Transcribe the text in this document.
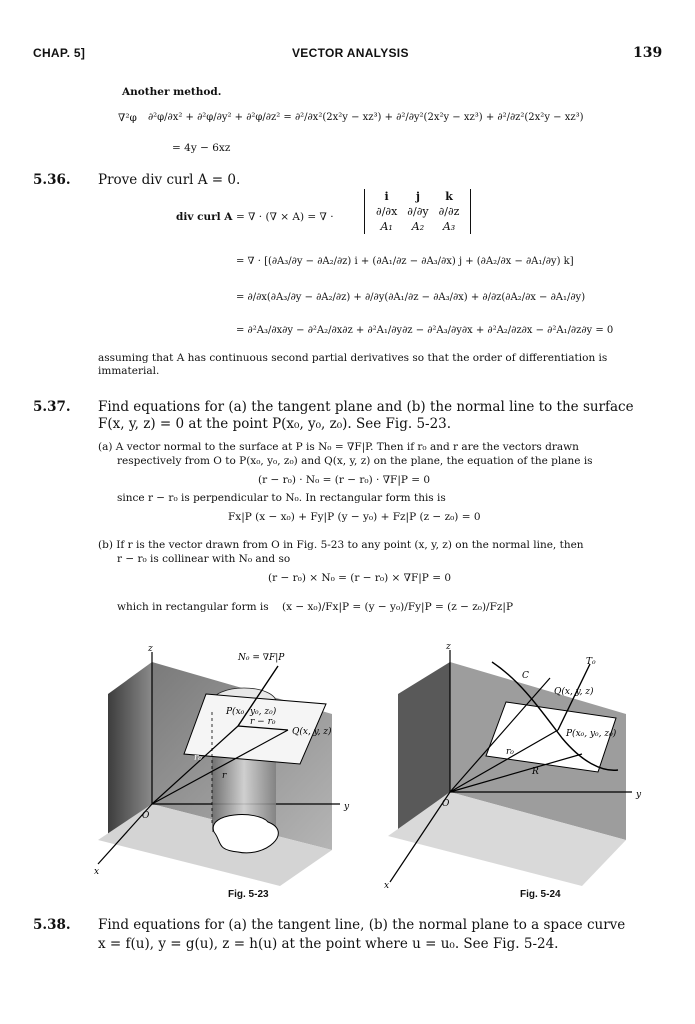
CHAP. 5]	VECTOR ANALYSIS	139
Another method.
∇²φ ∂²φ/∂x² + ∂²φ/∂y² + ∂²φ/∂z² = ∂²/∂x²(2x²y − xz³) + ∂²/∂y²(2x²y − xz³) + ∂²/∂z²(2x²y − xz³)
= 4y − 6xz
5.36. Prove div curl A = 0.
div curl A = ∇ · (∇ × A) = ∇ ·
i	j	k
∂/∂x	∂/∂y	∂/∂z
A₁	A₂	A₃
= ∇ · [(∂A₃/∂y − ∂A₂/∂z) i + (∂A₁/∂z − ∂A₃/∂x) j + (∂A₂/∂x − ∂A₁/∂y) k]
= ∂/∂x(∂A₃/∂y − ∂A₂/∂z) + ∂/∂y(∂A₁/∂z − ∂A₃/∂x) + ∂/∂z(∂A₂/∂x − ∂A₁/∂y)
= ∂²A₃/∂x∂y − ∂²A₂/∂x∂z + ∂²A₁/∂y∂z − ∂²A₃/∂y∂x + ∂²A₂/∂z∂x − ∂²A₁/∂z∂y = 0
assuming that A has continuous second partial derivatives so that the order of differentiation is
immaterial.
5.37. Find equations for (a) the tangent plane and (b) the normal line to the surface
F(x, y, z) = 0 at the point P(x₀, y₀, z₀). See Fig. 5-23.
(a) A vector normal to the surface at P is N₀ = ∇F|P. Then if r₀ and r are the vectors drawn
respectively from O to P(x₀, y₀, z₀) and Q(x, y, z) on the plane, the equation of the plane is
(r − r₀) · N₀ = (r − r₀) · ∇F|P = 0
since r − r₀ is perpendicular to N₀. In rectangular form this is
Fx|P (x − x₀) + Fy|P (y − y₀) + Fz|P (z − z₀) = 0
(b) If r is the vector drawn from O in Fig. 5-23 to any point (x, y, z) on the normal line, then
r − r₀ is collinear with N₀ and so
(r − r₀) × N₀ = (r − r₀) × ∇F|P = 0
which in rectangular form is (x − x₀)/Fx|P = (y − y₀)/Fy|P = (z − z₀)/Fz|P
z
y
x
O
N₀ = ∇F|P
P(x₀, y₀, z₀)
Q(x, y, z)
r − r₀
r
r₀
Fig. 5-23
z
y
x
O
T₀
C
Q(x, y, z)
P(x₀, y₀, z₀)
r₀
R
Fig. 5-24
5.38. Find equations for (a) the tangent line, (b) the normal plane to a space curve
x = f(u), y = g(u), z = h(u) at the point where u = u₀. See Fig. 5-24.
